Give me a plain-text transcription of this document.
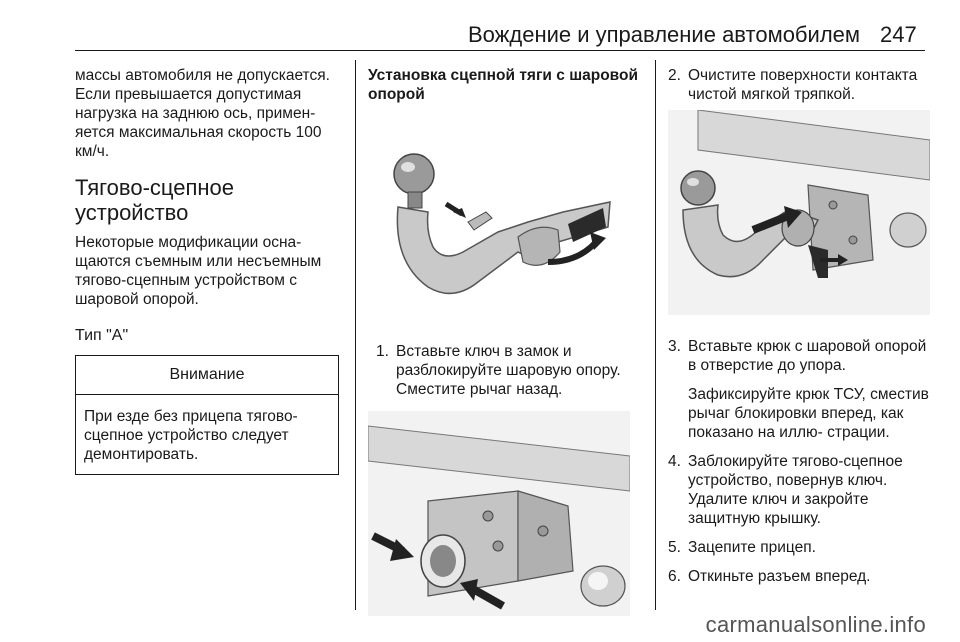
Вождение и управление автомобилем 247

массы автомобиля не допускается. Если превышается допустимая нагрузка на заднюю ось, примен- яется максимальная скорость 100 км/ч.

Тягово-сцепное устройство

Некоторые модификации осна- щаются съемным или несъемным тягово-сцепным устройством с шаровой опорой.

Тип "A"
Внимание
При езде без прицепа тягово- сцепное устройство следует демонтировать.
Установка сцепной тяги с шаровой опорой
1. Вставьте ключ в замок и разблокируйте шаровую опору. Сместите рычаг назад.
2. Очистите поверхности контакта чистой мягкой тряпкой.
3. Вставьте крюк с шаровой опорой в отверстие до упора.
Зафиксируйте крюк ТСУ, сместив рычаг блокировки вперед, как показано на иллю- страции.
4. Заблокируйте тягово-сцепное устройство, повернув ключ. Удалите ключ и закройте защитную крышку.
5. Зацепите прицеп.
6. Откиньте разъем вперед.
carmanualsonline.info
